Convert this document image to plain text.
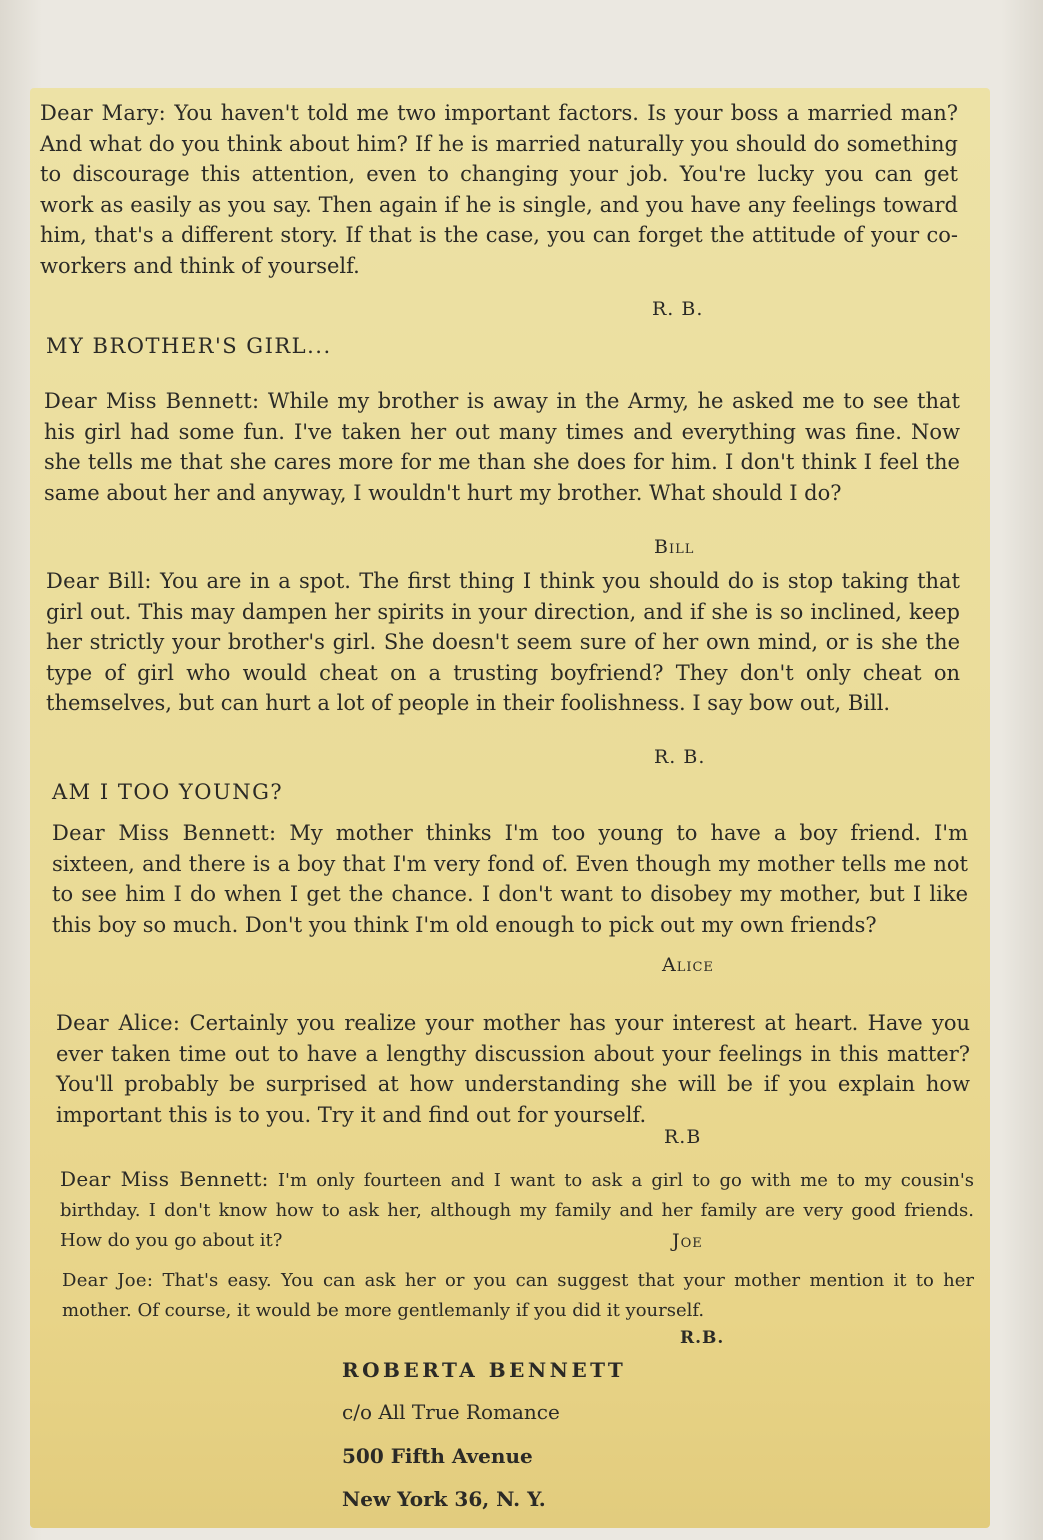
Dear Mary: You haven't told me two important factors. Is your boss a married man? And what do you think about him? If he is married naturally you should do something to discourage this attention, even to changing your job. You're lucky you can get work as easily as you say. Then again if he is single, and you have any feelings toward him, that's a different story. If that is the case, you can forget the attitude of your co-workers and think of yourself.

R. B.
MY BROTHER'S GIRL...

Dear Miss Bennett: While my brother is away in the Army, he asked me to see that his girl had some fun. I've taken her out many times and everything was fine. Now she tells me that she cares more for me than she does for him. I don't think I feel the same about her and anyway, I wouldn't hurt my brother. What should I do?

Bill

Dear Bill: You are in a spot. The first thing I think you should do is stop taking that girl out. This may dampen her spirits in your direction, and if she is so inclined, keep her strictly your brother's girl. She doesn't seem sure of her own mind, or is she the type of girl who would cheat on a trusting boyfriend? They don't only cheat on themselves, but can hurt a lot of people in their foolishness. I say bow out, Bill.

R. B.
AM I TOO YOUNG?

Dear Miss Bennett: My mother thinks I'm too young to have a boy friend. I'm sixteen, and there is a boy that I'm very fond of. Even though my mother tells me not to see him I do when I get the chance. I don't want to disobey my mother, but I like this boy so much. Don't you think I'm old enough to pick out my own friends?

Alice

Dear Alice: Certainly you realize your mother has your interest at heart. Have you ever taken time out to have a lengthy discussion about your feelings in this matter? You'll probably be surprised at how understanding she will be if you explain how important this is to you. Try it and find out for yourself.

R.B

Dear Miss Bennett: I'm only fourteen and I want to ask a girl to go with me to my cousin's birthday. I don't know how to ask her, although my family and her family are very good friends. How do you go about it?	Joe

Dear Joe: That's easy. You can ask her or you can suggest that your mother mention it to her mother. Of course, it would be more gentlemanly if you did it yourself.

R.B.
ROBERTA BENNETT
c/o All True Romance
500 Fifth Avenue
New York 36, N. Y.
